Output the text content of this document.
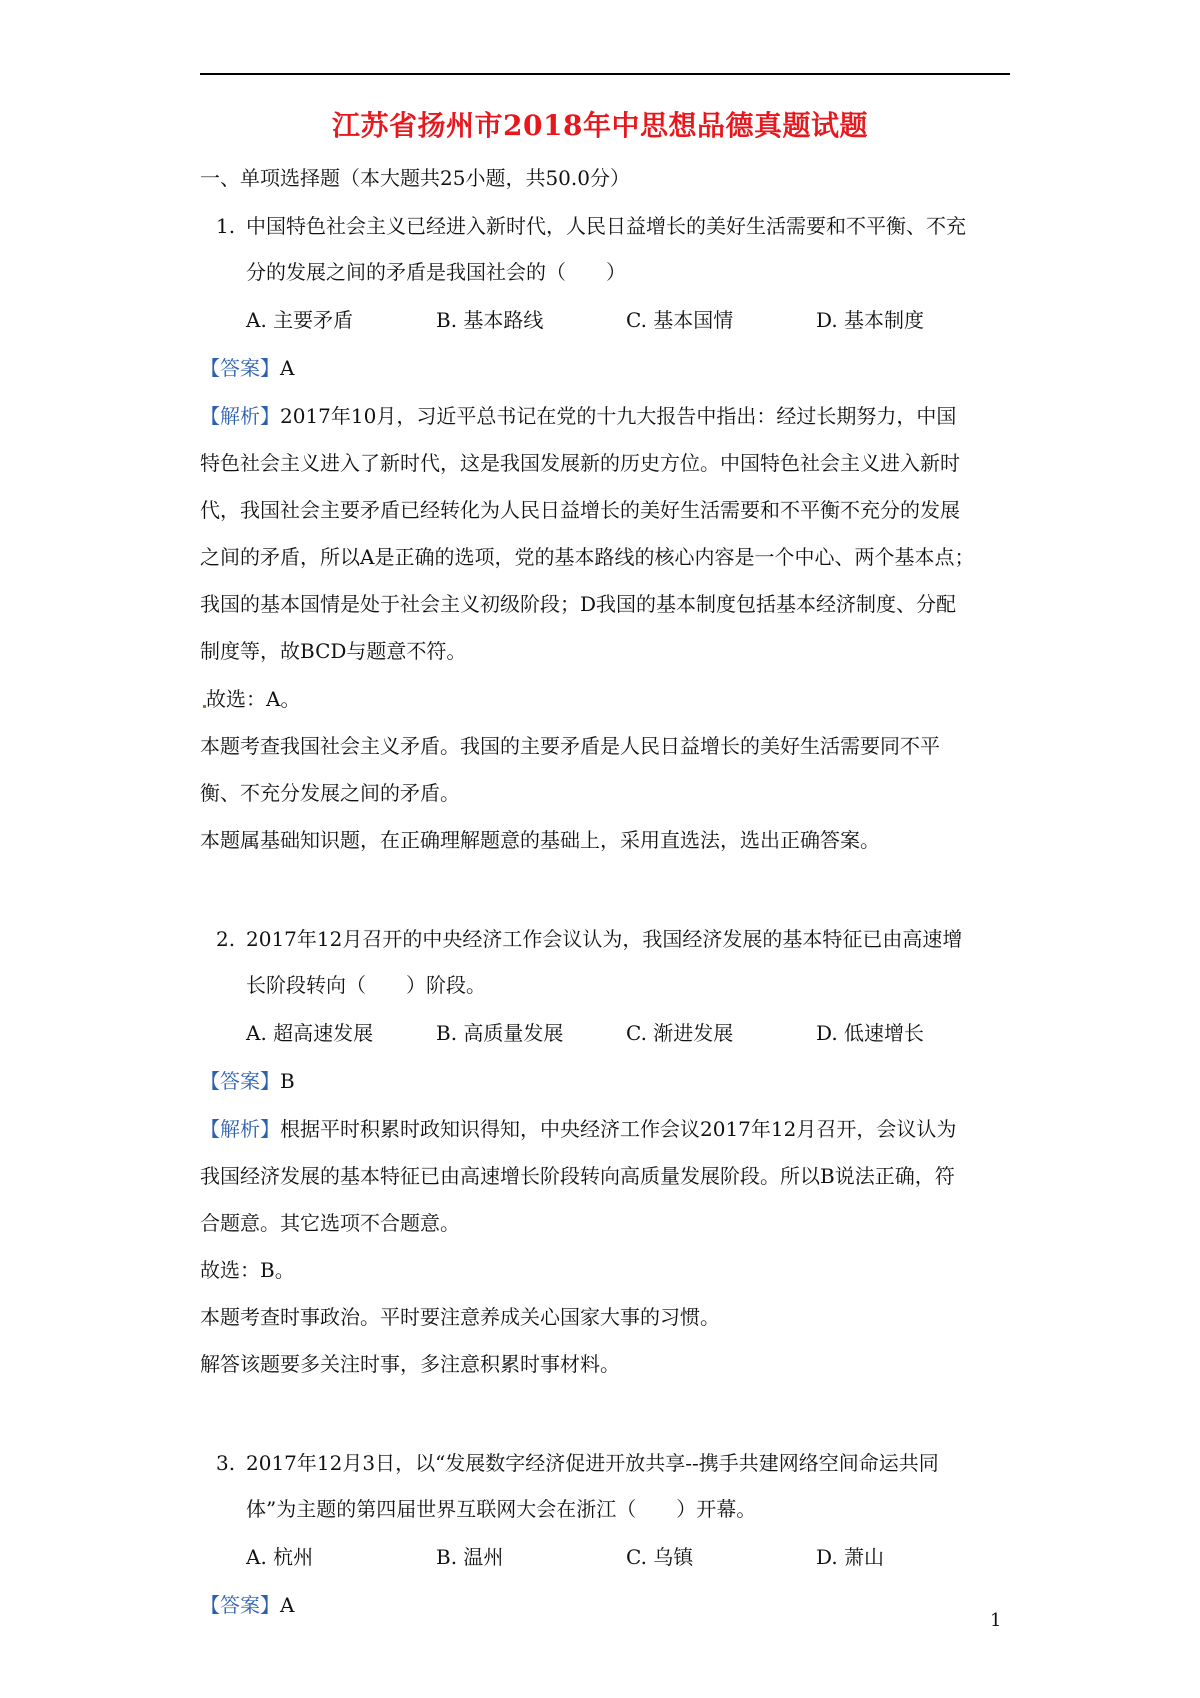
江苏省扬州市2018年中思想品德真题试题
一、单项选择题（本大题共25小题，共50.0分）
1. 中国特色社会主义已经进入新时代，人民日益增长的美好生活需要和不平衡、不充
分的发展之间的矛盾是我国社会的（　　）
A. 主要矛盾	B. 基本路线	C. 基本国情	D. 基本制度
【答案】A
【解析】2017年10月，习近平总书记在党的十九大报告中指出：经过长期努力，中国
特色社会主义进入了新时代，这是我国发展新的历史方位。中国特色社会主义进入新时
代，我国社会主要矛盾已经转化为人民日益增长的美好生活需要和不平衡不充分的发展
之间的矛盾，所以A是正确的选项，党的基本路线的核心内容是一个中心、两个基本点；
我国的基本国情是处于社会主义初级阶段；D我国的基本制度包括基本经济制度、分配
制度等，故BCD与题意不符。
故选：A。
本题考查我国社会主义矛盾。我国的主要矛盾是人民日益增长的美好生活需要同不平
衡、不充分发展之间的矛盾。
本题属基础知识题，在正确理解题意的基础上，采用直选法，选出正确答案。
2. 2017年12月召开的中央经济工作会议认为，我国经济发展的基本特征已由高速增
长阶段转向（　　）阶段。
A. 超高速发展	B. 高质量发展	C. 渐进发展	D. 低速增长
【答案】B
【解析】根据平时积累时政知识得知，中央经济工作会议2017年12月召开，会议认为
我国经济发展的基本特征已由高速增长阶段转向高质量发展阶段。所以B说法正确，符
合题意。其它选项不合题意。
故选：B。
本题考查时事政治。平时要注意养成关心国家大事的习惯。
解答该题要多关注时事，多注意积累时事材料。
3. 2017年12月3日，以“发展数字经济促进开放共享--携手共建网络空间命运共同
体”为主题的第四届世界互联网大会在浙江（　　）开幕。
A. 杭州	B. 温州	C. 乌镇	D. 萧山
【答案】A
1
